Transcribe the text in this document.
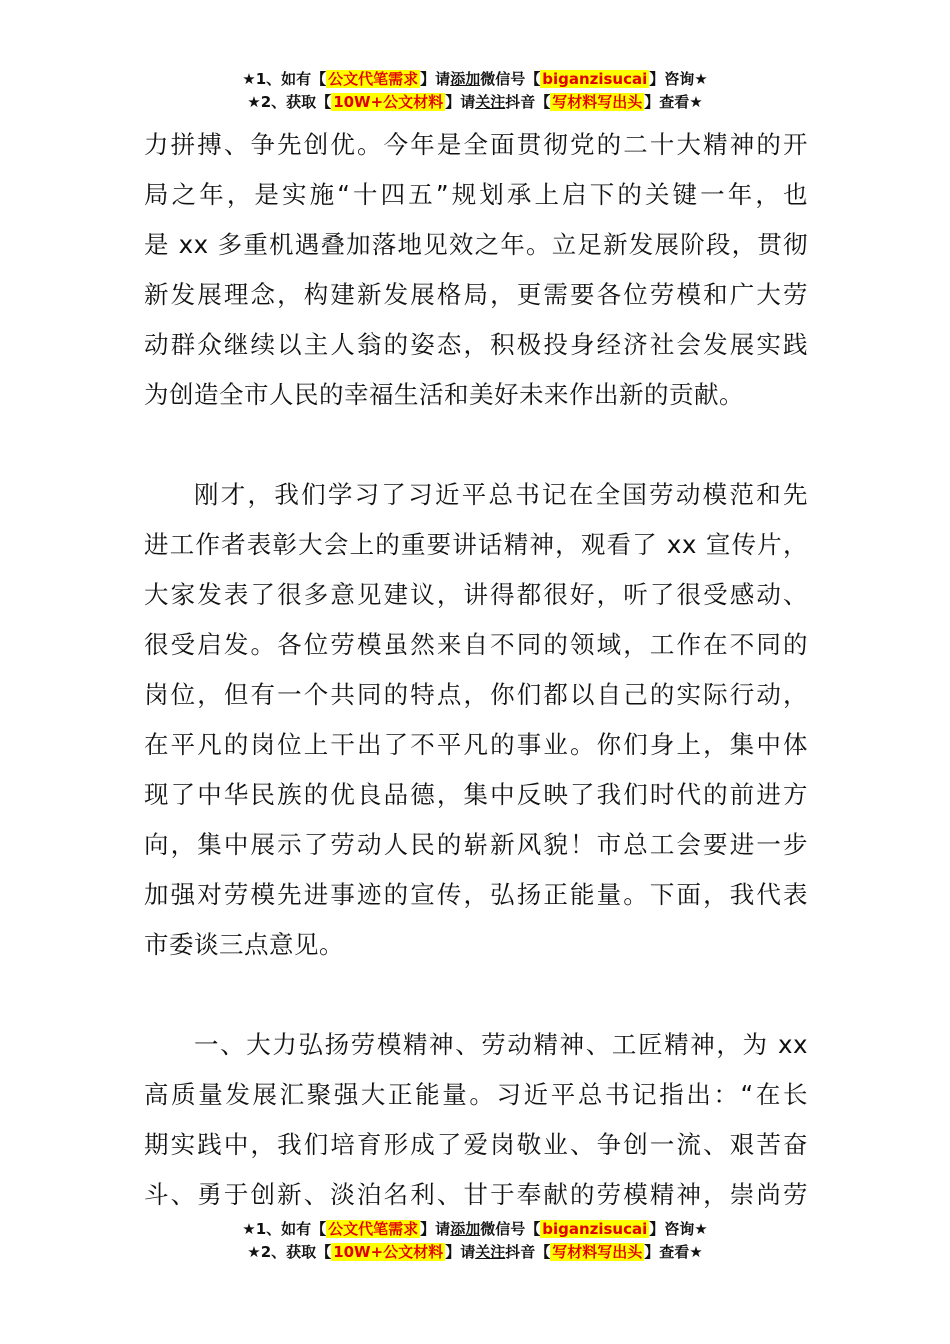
★1、如有【 公文代笔需求 】请添加微信号【 biganzisucai 】咨询★
★2、获取【 10W+公文材料 】请关注抖音【 写材料写出头 】查看★
力拼搏、争先创优。今年是全面贯彻党的二十大精神的开
局之年，是实施“十四五”规划承上启下的关键一年，也
是 xx 多重机遇叠加落地见效之年。立足新发展阶段，贯彻
新发展理念，构建新发展格局，更需要各位劳模和广大劳
动群众继续以主人翁的姿态，积极投身经济社会发展实践
为创造全市人民的幸福生活和美好未来作出新的贡献。
刚才，我们学习了习近平总书记在全国劳动模范和先
进工作者表彰大会上的重要讲话精神，观看了 xx 宣传片，
大家发表了很多意见建议，讲得都很好，听了很受感动、
很受启发。各位劳模虽然来自不同的领域，工作在不同的
岗位，但有一个共同的特点，你们都以自己的实际行动，
在平凡的岗位上干出了不平凡的事业。你们身上，集中体
现了中华民族的优良品德，集中反映了我们时代的前进方
向，集中展示了劳动人民的崭新风貌！市总工会要进一步
加强对劳模先进事迹的宣传，弘扬正能量。下面，我代表
市委谈三点意见。
一、大力弘扬劳模精神、劳动精神、工匠精神，为 xx
高质量发展汇聚强大正能量。习近平总书记指出：“在长
期实践中，我们培育形成了爱岗敬业、争创一流、艰苦奋
斗、勇于创新、淡泊名利、甘于奉献的劳模精神，崇尚劳
★1、如有【 公文代笔需求 】请添加微信号【 biganzisucai 】咨询★
★2、获取【 10W+公文材料 】请关注抖音【 写材料写出头 】查看★
